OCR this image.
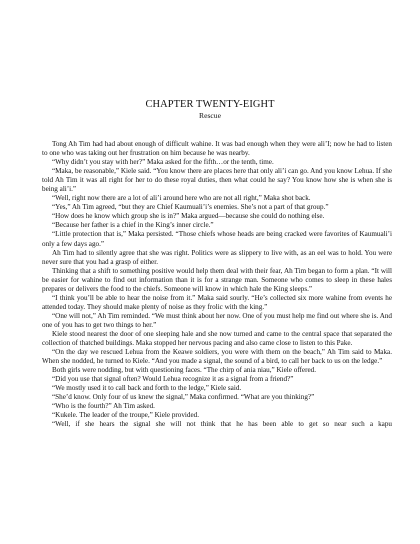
CHAPTER TWENTY-EIGHT
Rescue

Tong Ah Tim had had about enough of difficult wahine. It was bad enough when they were ali’I; now he had to listen to one who was taking out her frustration on him because he was nearby.

“Why didn’t you stay with her?” Maka asked for the fifth…or the tenth, time.

“Maka, be reasonable,” Kiele said. “You know there are places here that only ali’i can go. And you know Lehua. If she told Ah Tim it was all right for her to do these royal duties, then what could he say? You know how she is when she is being ali’i.”

“Well, right now there are a lot of ali’i around here who are not all right,” Maka shot back.

“Yes,” Ah Tim agreed, “but they are Chief Kaumuali’i’s enemies. She’s not a part of that group.”

“How does he know which group she is in?” Maka argued—because she could do nothing else.

“Because her father is a chief in the King’s inner circle.”

“Little protection that is,” Maka persisted. “Those chiefs whose heads are being cracked were favorites of Kaumuali’i only a few days ago.”

Ah Tim had to silently agree that she was right. Politics were as slippery to live with, as an eel was to hold. You were never sure that you had a grasp of either.

Thinking that a shift to something positive would help them deal with their fear, Ah Tim began to form a plan. “It will be easier for wahine to find out information than it is for a strange man. Someone who comes to sleep in these hales prepares or delivers the food to the chiefs. Someone will know in which hale the King sleeps.”

“I think you’ll be able to hear the noise from it.” Maka said sourly. “He’s collected six more wahine from events he attended today. They should make plenty of noise as they frolic with the king.”

“One will not,” Ah Tim reminded. “We must think about her now. One of you must help me find out where she is. And one of you has to get two things to her.”

Kiele stood nearest the door of one sleeping hale and she now turned and came to the central space that separated the collection of thatched buildings. Maka stopped her nervous pacing and also came close to listen to this Pake.

“On the day we rescued Lehua from the Keawe soldiers, you were with them on the beach,” Ah Tim said to Maka. When she nodded, he turned to Kiele. “And you made a signal, the sound of a bird, to call her back to us on the ledge.”

Both girls were nodding, but with questioning faces. “The chirp of ania niau,” Kiele offered.

“Did you use that signal often? Would Lehua recognize it as a signal from a friend?”

“We mostly used it to call back and forth to the ledge,” Kiele said.

“She’d know. Only four of us knew the signal,” Maka confirmed. “What are you thinking?”

“Who is the fourth?” Ah Tim asked.

“Kukele. The leader of the troupe,” Kiele provided.

“Well, if she hears the signal she will not think that he has been able to get so near such a kapu
